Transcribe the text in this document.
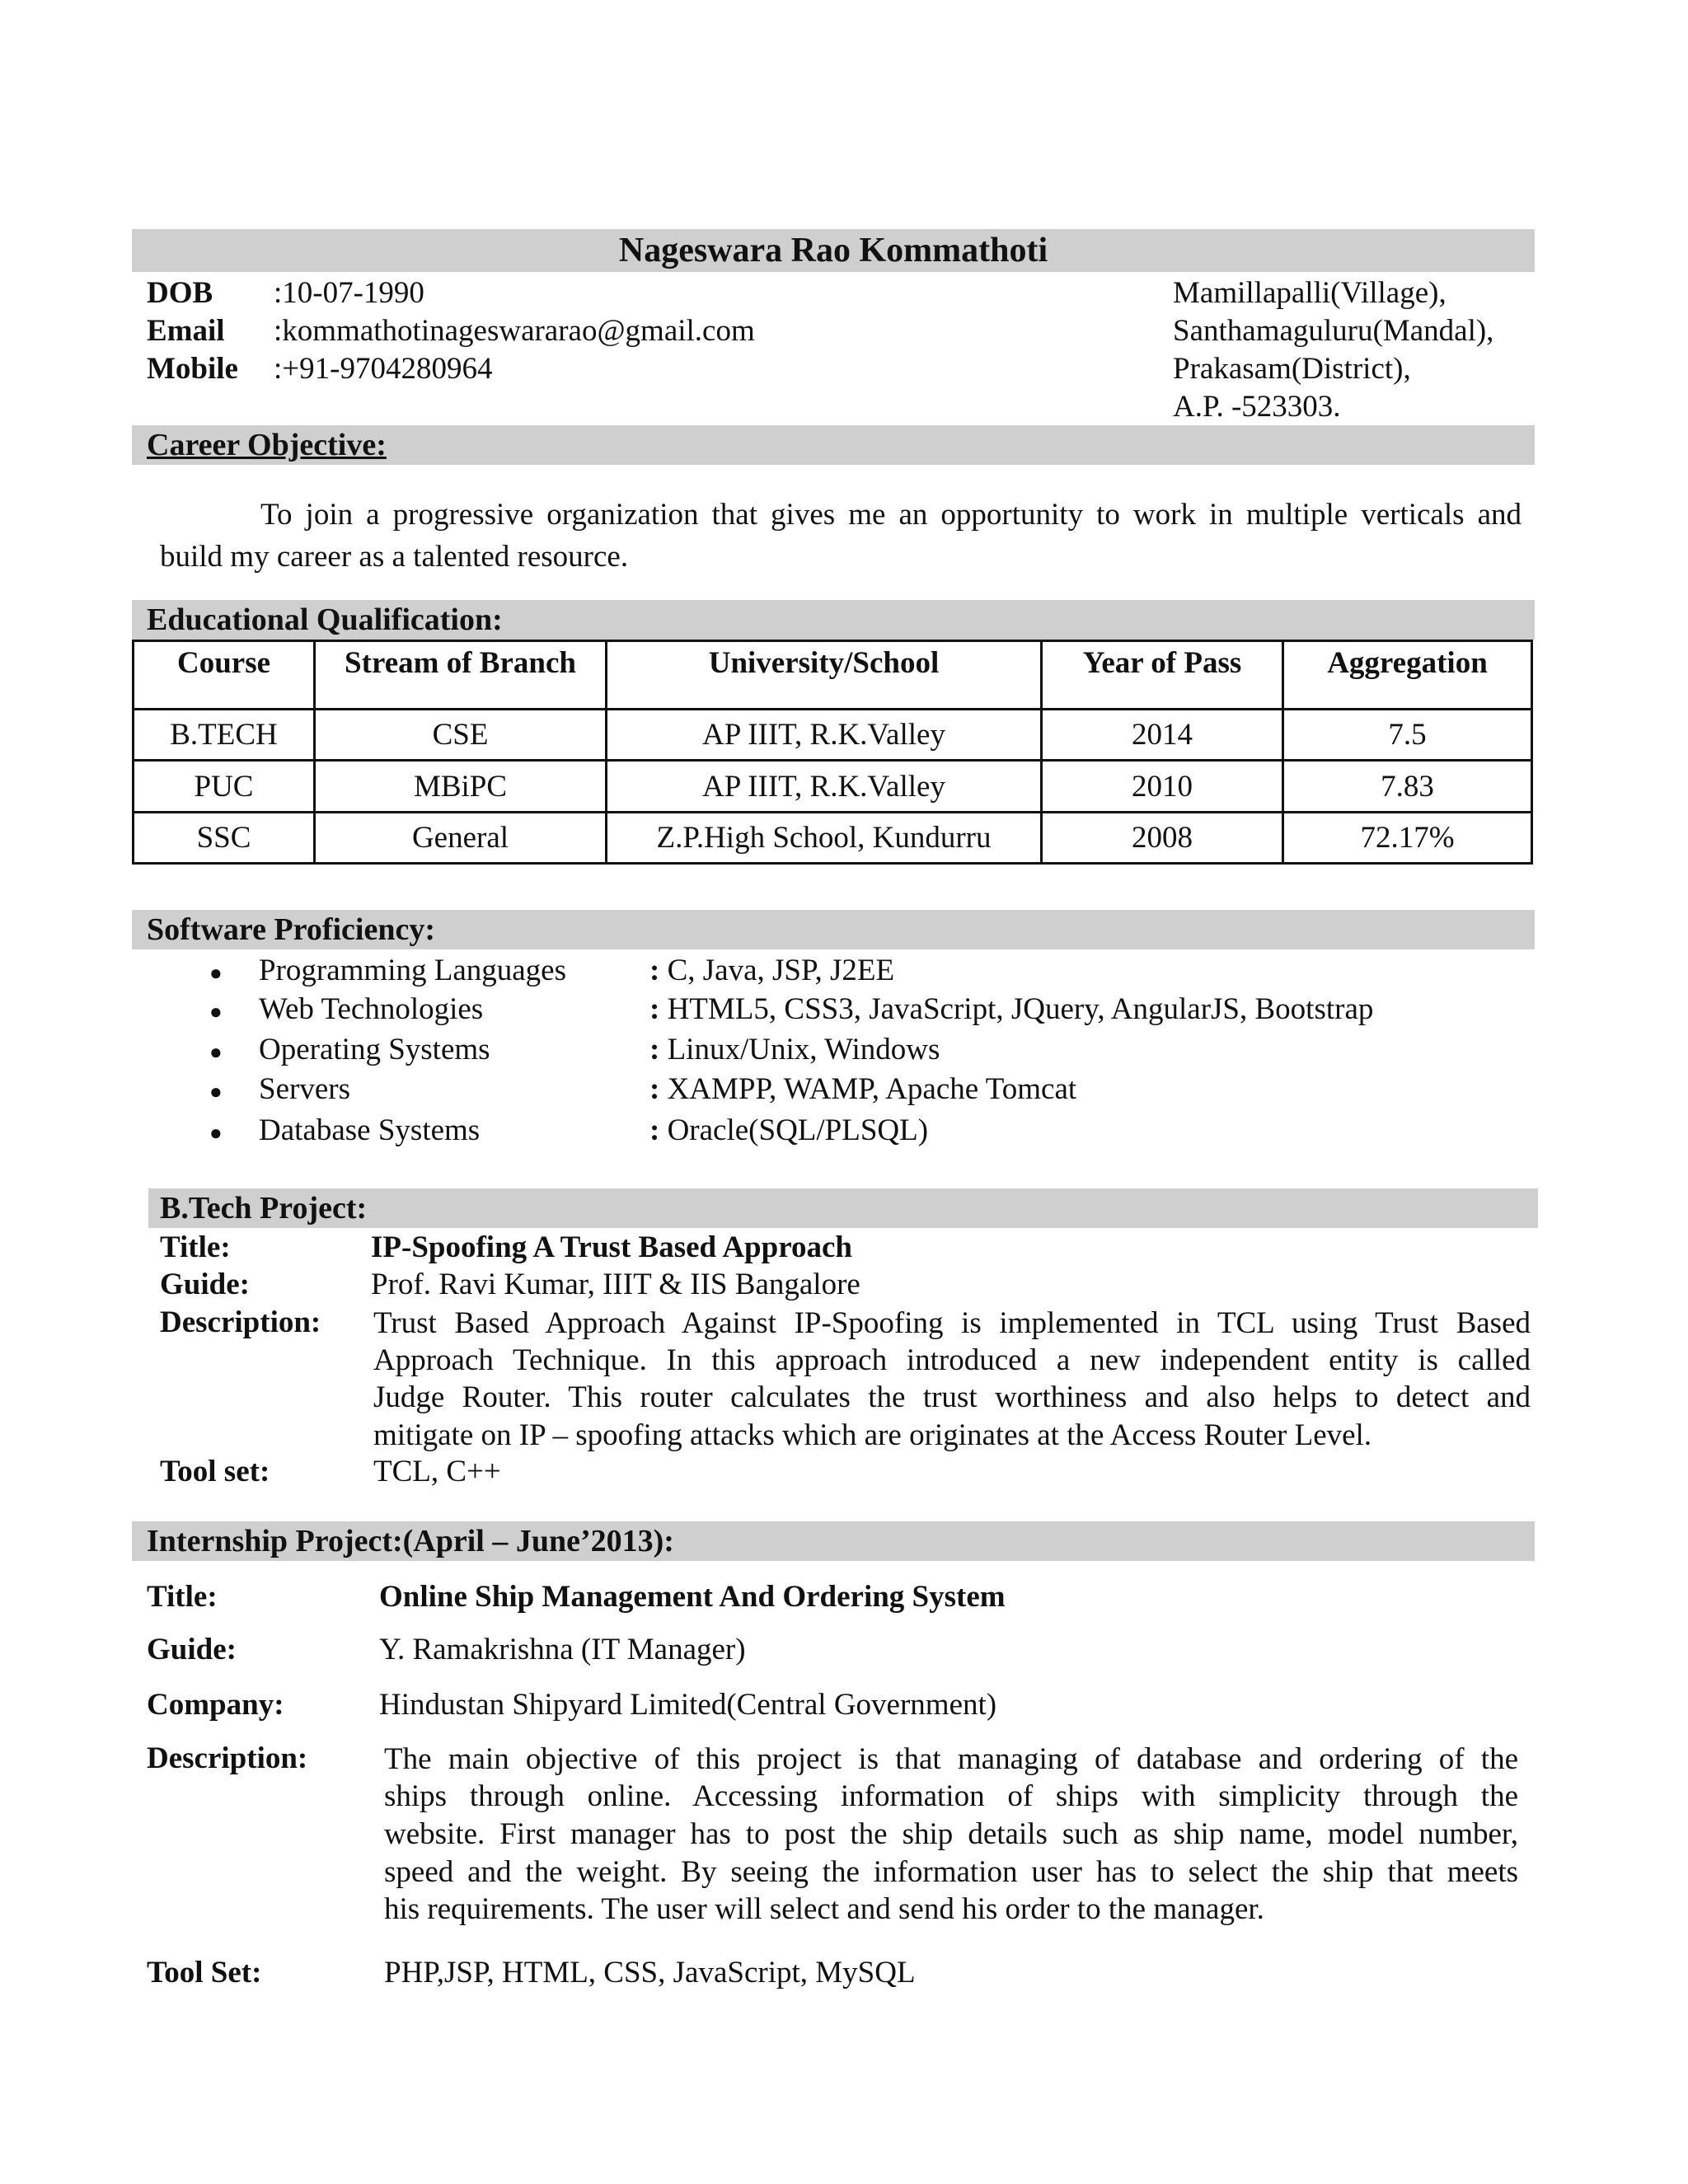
Nageswara Rao Kommathoti
DOB :10-07-1990
Email :kommathotinageswararao@gmail.com
Mobile :+91-9704280964
Mamillapalli(Village),
Santhamaguluru(Mandal),
Prakasam(District),
A.P. -523303.
Career Objective:
To join a progressive organization that gives me an opportunity to work in multiple verticals and
build my career as a talented resource.
Educational Qualification:
Course	Stream of Branch	University/School	Year of Pass	Aggregation
B.TECH	CSE	AP IIIT, R.K.Valley	2014	7.5
PUC	MBiPC	AP IIIT, R.K.Valley	2010	7.83
SSC	General	Z.P.High School, Kundurru	2008	72.17%
Software Proficiency:
● Programming Languages	: C, Java, JSP, J2EE
● Web Technologies	: HTML5, CSS3, JavaScript, JQuery, AngularJS, Bootstrap
● Operating Systems	: Linux/Unix, Windows
● Servers	: XAMPP, WAMP, Apache Tomcat
● Database Systems	: Oracle(SQL/PLSQL)
B.Tech Project:
Title:	IP-Spoofing A Trust Based Approach
Guide:	Prof. Ravi Kumar, IIIT & IIS Bangalore
Description: Trust Based Approach Against IP-Spoofing is implemented in TCL using Trust Based
Approach Technique. In this approach introduced a new independent entity is called
Judge Router. This router calculates the trust worthiness and also helps to detect and
mitigate on IP – spoofing attacks which are originates at the Access Router Level.
Tool set:	TCL, C++
Internship Project:(April – June’2013):
Title:	Online Ship Management And Ordering System
Guide:	Y. Ramakrishna (IT Manager)
Company:	Hindustan Shipyard Limited(Central Government)
Description:	The main objective of this project is that managing of database and ordering of the
ships through online. Accessing information of ships with simplicity through the
website. First manager has to post the ship details such as ship name, model number,
speed and the weight. By seeing the information user has to select the ship that meets
his requirements. The user will select and send his order to the manager.
Tool Set:	PHP,JSP, HTML, CSS, JavaScript, MySQL
